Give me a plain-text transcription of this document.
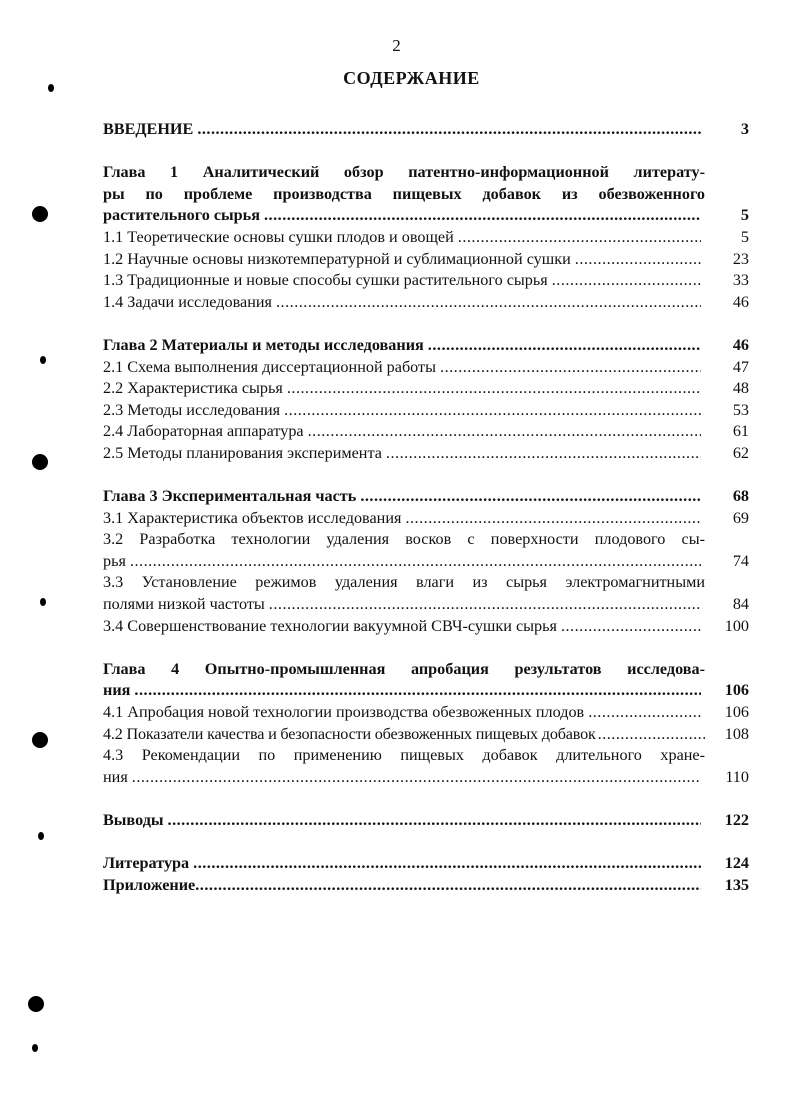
2
СОДЕРЖАНИЕ
ВВЕДЕНИЕ .....	3
Глава 1 Аналитический обзор патентно-информационной литерату-
ры по проблеме производства пищевых добавок из обезвоженного
растительного сырья .....	5
1.1 Теоретические основы сушки плодов и овощей .....	5
1.2 Научные основы низкотемпературной и сублимационной сушки .....	23
1.3 Традиционные и новые способы сушки растительного сырья .....	33
1.4 Задачи исследования .....	46
Глава 2 Материалы и методы исследования .....	46
2.1 Схема выполнения диссертационной работы .....	47
2.2 Характеристика сырья .....	48
2.3 Методы исследования .....	53
2.4 Лабораторная аппаратура .....	61
2.5 Методы планирования эксперимента .....	62
Глава 3 Экспериментальная часть .....	68
3.1 Характеристика объектов исследования .....	69
3.2 Разработка технологии удаления восков с поверхности плодового сы-
рья .....	74
3.3 Установление режимов удаления влаги из сырья электромагнитными
полями низкой частоты .....	84
3.4 Совершенствование технологии вакуумной СВЧ-сушки сырья .....	100
Глава 4 Опытно-промышленная апробация результатов исследова-
ния .....	106
4.1 Апробация новой технологии производства обезвоженных плодов .....	106
4.2 Показатели качества и безопасности обезвоженных пищевых добавок .....	108
4.3 Рекомендации по применению пищевых добавок длительного хране-
ния .....	110
Выводы .....	122
Литература .....	124
Приложение .....	135
